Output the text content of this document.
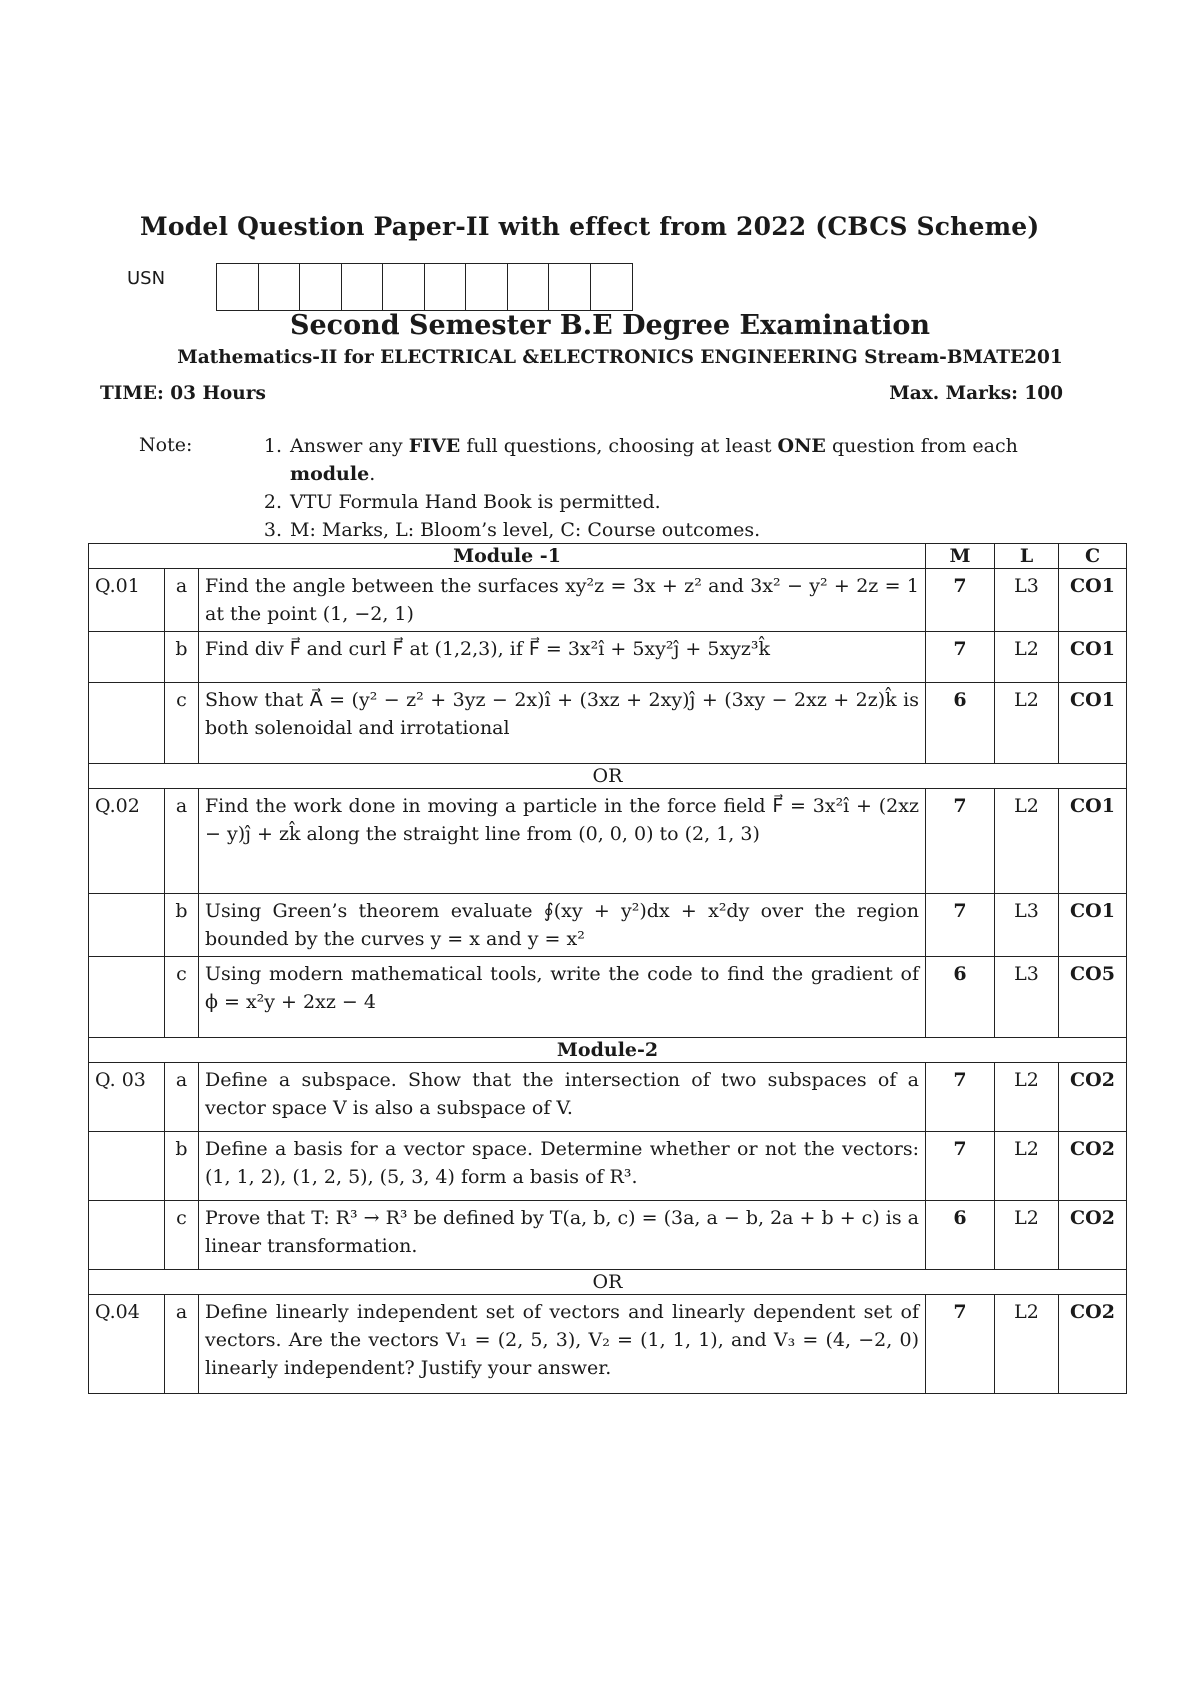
Model Question Paper-II with effect from 2022 (CBCS Scheme)
USN
Second Semester B.E Degree Examination
Mathematics-II for ELECTRICAL &ELECTRONICS ENGINEERING Stream-BMATE201
TIME: 03 Hours	Max. Marks: 100
Note:	1. Answer any FIVE full questions, choosing at least ONE question from each module.
2. VTU Formula Hand Book is permitted.
3. M: Marks, L: Bloom’s level, C: Course outcomes.
Module -1			M	L	C
Q.01	a	Find the angle between the surfaces xy²z = 3x + z² and 3x² − y² + 2z = 1 at the point (1, −2, 1)	7	L3	CO1
	b	Find div F⃗ and curl F⃗ at (1,2,3), if F⃗ = 3x²î + 5xy²ĵ + 5xyz³k̂	7	L2	CO1
	c	Show that A⃗ = (y² − z² + 3yz − 2x)î + (3xz + 2xy)ĵ + (3xy − 2xz + 2z)k̂ is both solenoidal and irrotational	6	L2	CO1
OR					
Q.02	a	Find the work done in moving a particle in the force field F⃗ = 3x²î + (2xz − y)ĵ + zk̂ along the straight line from (0, 0, 0) to (2, 1, 3)	7	L2	CO1
	b	Using Green’s theorem evaluate ∮(xy + y²)dx + x²dy over the region bounded by the curves y = x and y = x²	7	L3	CO1
	c	Using modern mathematical tools, write the code to find the gradient of ϕ = x²y + 2xz − 4	6	L3	CO5
Module-2					
Q. 03	a	Define a subspace. Show that the intersection of two subspaces of a vector space V is also a subspace of V.	7	L2	CO2
	b	Define a basis for a vector space. Determine whether or not the vectors: (1, 1, 2), (1, 2, 5), (5, 3, 4) form a basis of R³.	7	L2	CO2
	c	Prove that T: R³ → R³ be defined by T(a, b, c) = (3a, a − b, 2a + b + c) is a linear transformation.	6	L2	CO2
OR					
Q.04	a	Define linearly independent set of vectors and linearly dependent set of vectors. Are the vectors V₁ = (2, 5, 3), V₂ = (1, 1, 1), and V₃ = (4, −2, 0) linearly independent? Justify your answer.	7	L2	CO2
